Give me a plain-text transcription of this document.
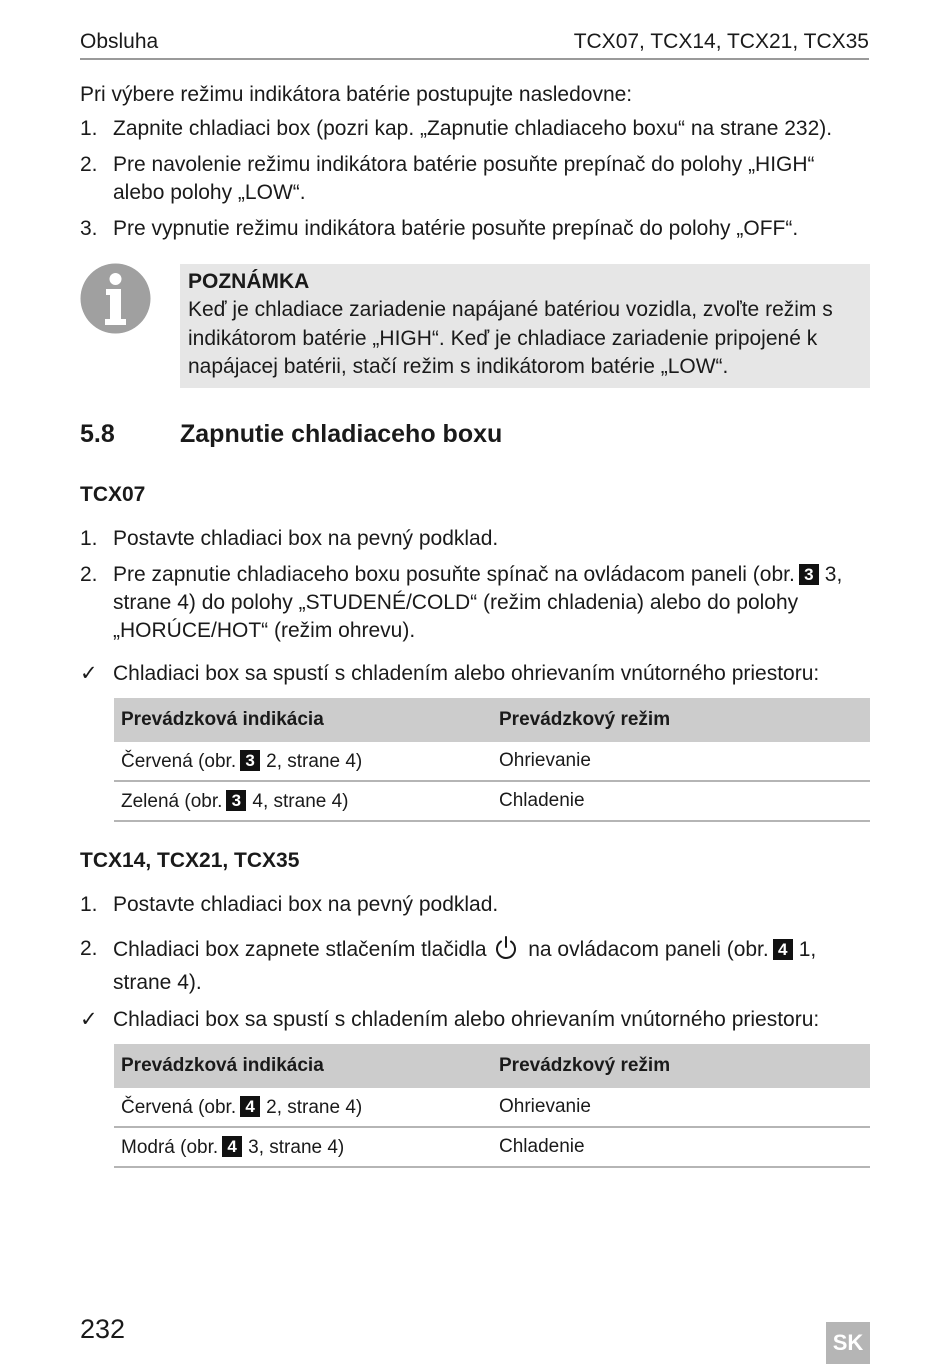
Obsluha	TCX07, TCX14, TCX21, TCX35
Pri výbere režimu indikátora batérie postupujte nasledovne:
1. Zapnite chladiaci box (pozri kap. „Zapnutie chladiaceho boxu“ na strane 232).
2. Pre navolenie režimu indikátora batérie posuňte prepínač do polohy „HIGH“ alebo polohy „LOW“.
3. Pre vypnutie režimu indikátora batérie posuňte prepínač do polohy „OFF“.
POZNÁMKA
Keď je chladiace zariadenie napájané batériou vozidla, zvoľte režim s indikátorom batérie „HIGH“. Keď je chladiace zariadenie pripojené k napájacej batérii, stačí režim s indikátorom batérie „LOW“.
5.8	Zapnutie chladiaceho boxu
TCX07
1. Postavte chladiaci box na pevný podklad.
2. Pre zapnutie chladiaceho boxu posuňte spínač na ovládacom paneli (obr. 3 3,
strane 4) do polohy „STUDENÉ/COLD“ (režim chladenia) alebo do polohy
„HORÚCE/HOT“ (režim ohrevu).
✓ Chladiaci box sa spustí s chladením alebo ohrievaním vnútorného priestoru:
Prevádzková indikácia	Prevádzkový režim
Červená (obr. 3 2, strane 4)	Ohrievanie
Zelená (obr. 3 4, strane 4)	Chladenie
TCX14, TCX21, TCX35
1. Postavte chladiaci box na pevný podklad.
2. Chladiaci box zapnete stlačením tlačidla na ovládacom paneli (obr. 4 1,
strane 4).
✓ Chladiaci box sa spustí s chladením alebo ohrievaním vnútorného priestoru:
Prevádzková indikácia	Prevádzkový režim
Červená (obr. 4 2, strane 4)	Ohrievanie
Modrá (obr. 4 3, strane 4)	Chladenie
232	SK
